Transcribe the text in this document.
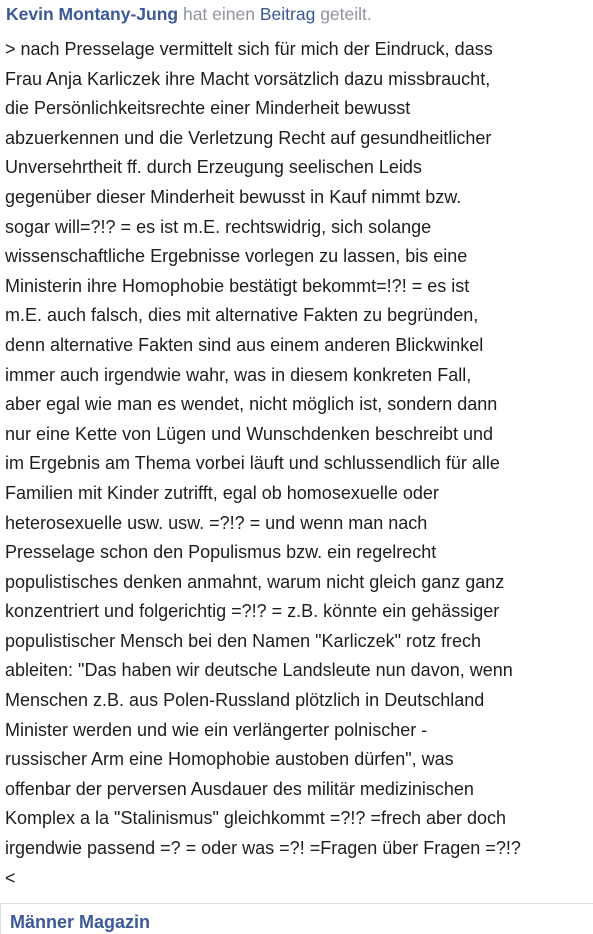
Kevin Montany-Jung hat einen Beitrag geteilt.
> nach Presselage vermittelt sich für mich der Eindruck, dass
Frau Anja Karliczek ihre Macht vorsätzlich dazu missbraucht,
die Persönlichkeitsrechte einer Minderheit bewusst
abzuerkennen und die Verletzung Recht auf gesundheitlicher
Unversehrtheit ff. durch Erzeugung seelischen Leids
gegenüber dieser Minderheit bewusst in Kauf nimmt bzw.
sogar will=?!? = es ist m.E. rechtswidrig, sich solange
wissenschaftliche Ergebnisse vorlegen zu lassen, bis eine
Ministerin ihre Homophobie bestätigt bekommt=!?! = es ist
m.E. auch falsch, dies mit alternative Fakten zu begründen,
denn alternative Fakten sind aus einem anderen Blickwinkel
immer auch irgendwie wahr, was in diesem konkreten Fall,
aber egal wie man es wendet, nicht möglich ist, sondern dann
nur eine Kette von Lügen und Wunschdenken beschreibt und
im Ergebnis am Thema vorbei läuft und schlussendlich für alle
Familien mit Kinder zutrifft, egal ob homosexuelle oder
heterosexuelle usw. usw. =?!? = und wenn man nach
Presselage schon den Populismus bzw. ein regelrecht
populistisches denken anmahnt, warum nicht gleich ganz ganz
konzentriert und folgerichtig =?!? = z.B. könnte ein gehässiger
populistischer Mensch bei den Namen "Karliczek" rotz frech
ableiten: "Das haben wir deutsche Landsleute nun davon, wenn
Menschen z.B. aus Polen-Russland plötzlich in Deutschland
Minister werden und wie ein verlängerter polnischer -
russischer Arm eine Homophobie austoben dürfen", was
offenbar der perversen Ausdauer des militär medizinischen
Komplex a la "Stalinismus" gleichkommt =?!? =frech aber doch
irgendwie passend =? = oder was =?! =Fragen über Fragen =?!?
<
Männer Magazin
